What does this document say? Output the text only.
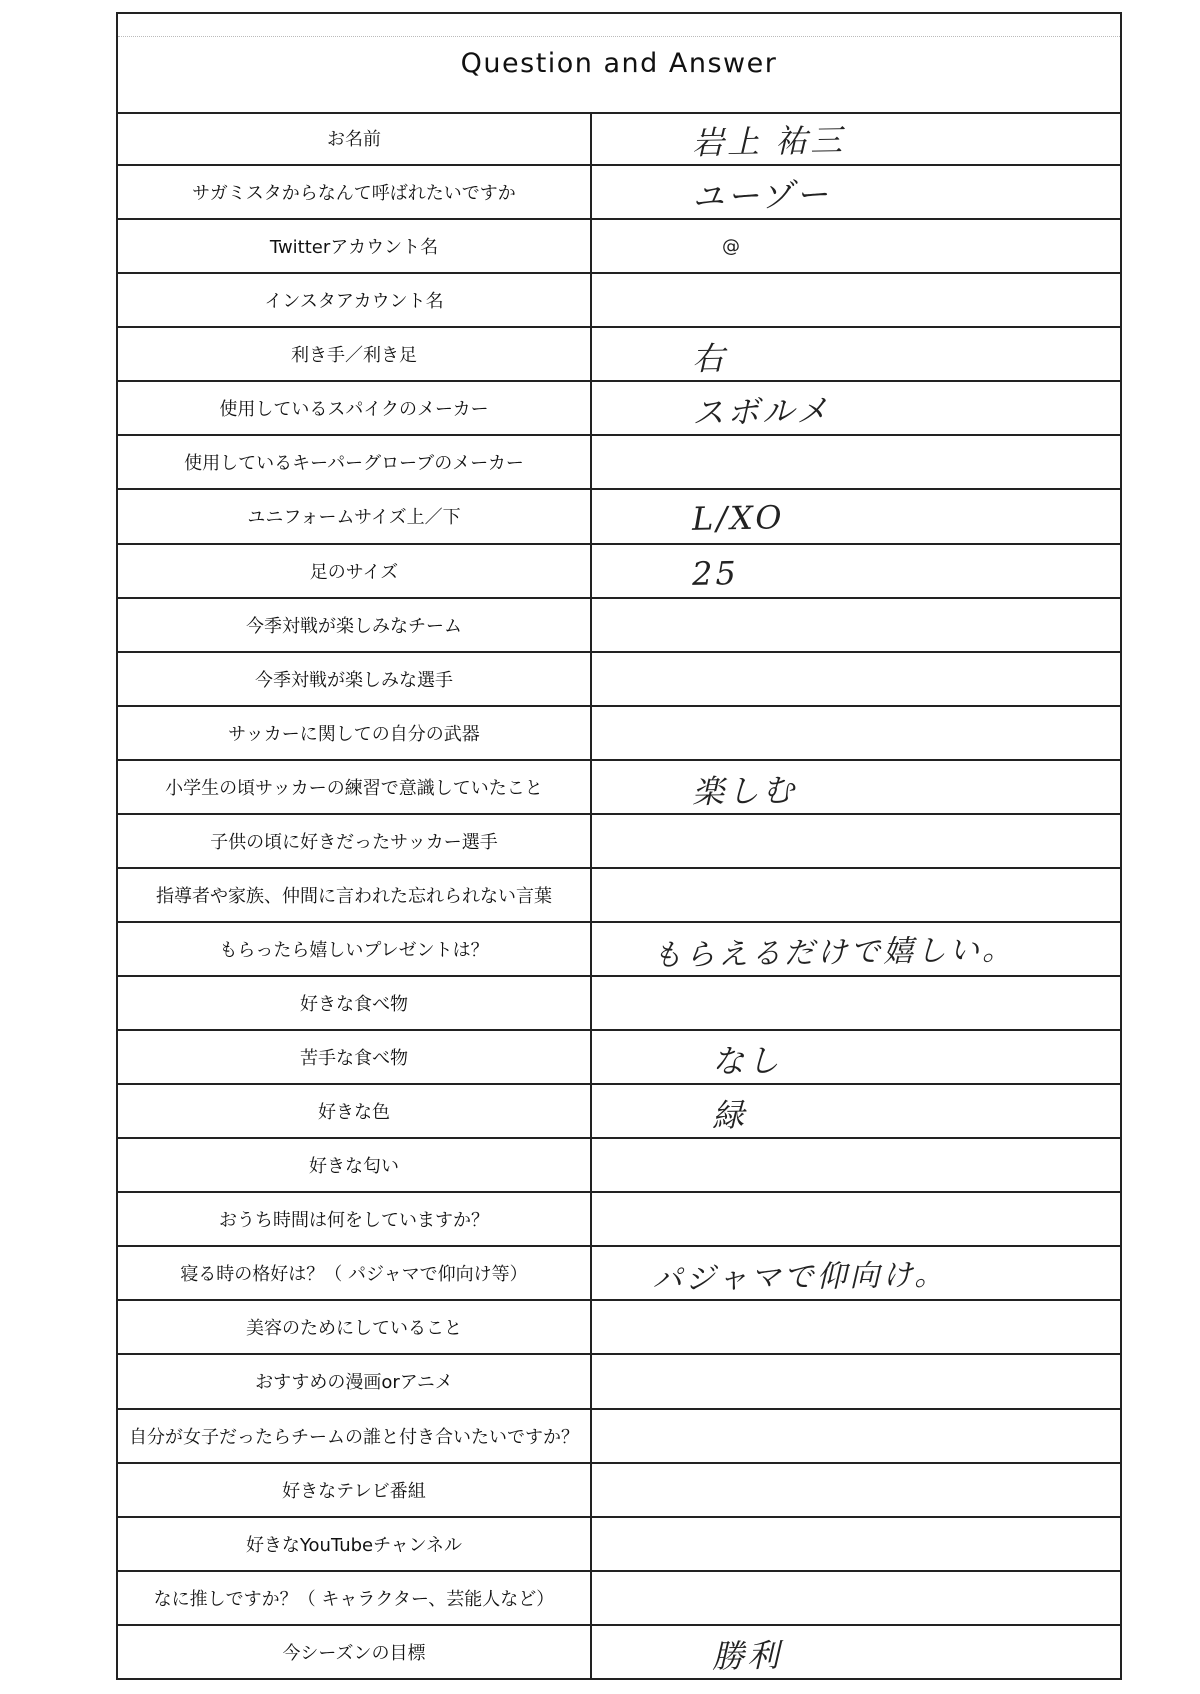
Question and Answer
お名前	岩上 祐三
サガミスタからなんて呼ばれたいですか	ユーゾー
Twitterアカウント名	@
インスタアカウント名
利き手／利き足	右
使用しているスパイクのメーカー	スボルメ
使用しているキーパーグローブのメーカー
ユニフォームサイズ上／下	L/XO
足のサイズ	25
今季対戦が楽しみなチーム
今季対戦が楽しみな選手
サッカーに関しての自分の武器
小学生の頃サッカーの練習で意識していたこと	楽しむ
子供の頃に好きだったサッカー選手
指導者や家族、仲間に言われた忘れられない言葉
もらったら嬉しいプレゼントは？	もらえるだけで嬉しい。
好きな食べ物
苦手な食べ物	なし
好きな色	緑
好きな匂い
おうち時間は何をしていますか？
寝る時の格好は？（ パジャマで仰向け等）	パジャマで仰向け。
美容のためにしていること
おすすめの漫画orアニメ
自分が女子だったらチームの誰と付き合いたいですか？
好きなテレビ番組
好きなYouTubeチャンネル
なに推しですか？（ キャラクター、芸能人など）
今シーズンの目標	勝利
